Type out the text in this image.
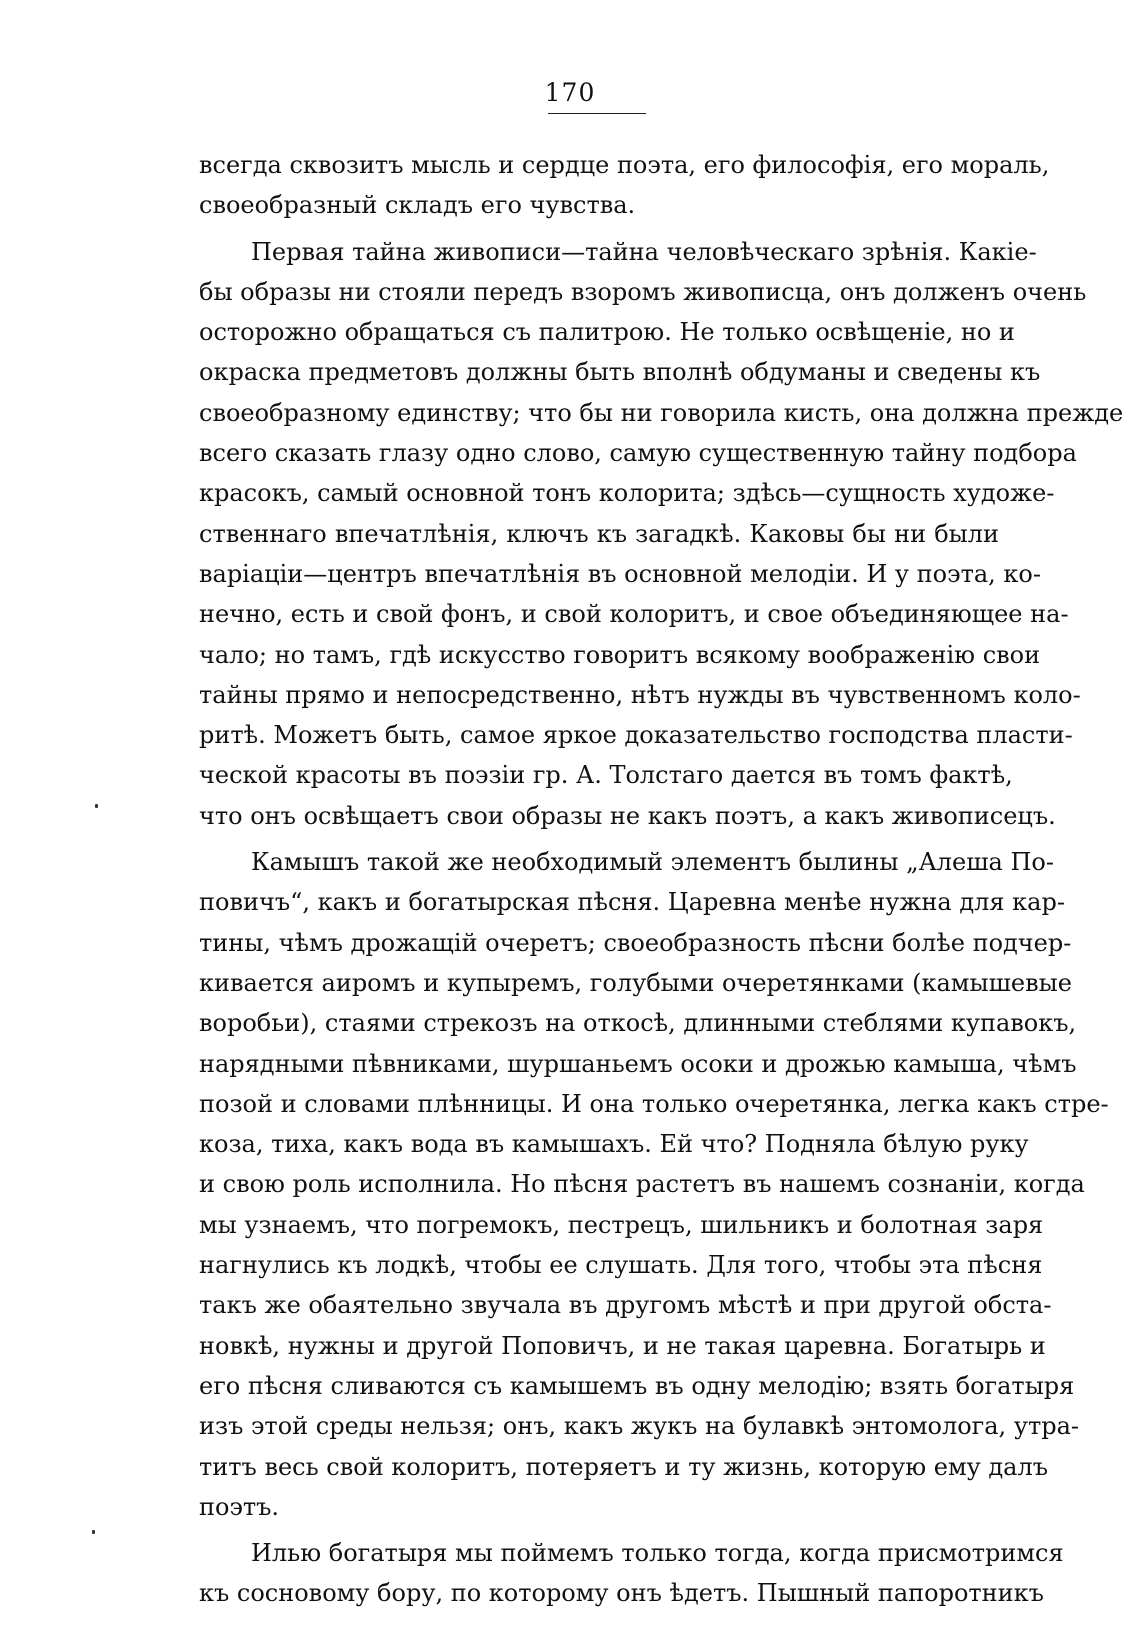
170
всегда сквозитъ мысль и сердце поэта, его философія, его мораль,
своеобразный складъ его чувства.
Первая тайна живописи—тайна человѣческаго зрѣнія. Какіе-
бы образы ни стояли передъ взоромъ живописца, онъ долженъ очень
осторожно обращаться съ палитрою. Не только освѣщеніе, но и
окраска предметовъ должны быть вполнѣ обдуманы и сведены къ
своеобразному единству; что бы ни говорила кисть, она должна прежде
всего сказать глазу одно слово, самую существенную тайну подбора
красокъ, самый основной тонъ колорита; здѣсь—сущность художе-
ственнаго впечатлѣнія, ключъ къ загадкѣ. Каковы бы ни были
варіаціи—центръ впечатлѣнія въ основной мелодіи. И у поэта, ко-
нечно, есть и свой фонъ, и свой колоритъ, и свое объединяющее на-
чало; но тамъ, гдѣ искусство говоритъ всякому воображенію свои
тайны прямо и непосредственно, нѣтъ нужды въ чувственномъ коло-
ритѣ. Можетъ быть, самое яркое доказательство господства пласти-
ческой красоты въ поэзіи гр. А. Толстаго дается въ томъ фактѣ,
что онъ освѣщаетъ свои образы не какъ поэтъ, а какъ живописецъ.
Камышъ такой же необходимый элементъ былины „Алеша По-
повичъ“, какъ и богатырская пѣсня. Царевна менѣе нужна для кар-
тины, чѣмъ дрожащій очеретъ; своеобразность пѣсни болѣе подчер-
кивается аиромъ и купыремъ, голубыми очеретянками (камышевые
воробьи), стаями стрекозъ на откосѣ, длинными стеблями купавокъ,
нарядными пѣвниками, шуршаньемъ осоки и дрожью камыша, чѣмъ
позой и словами плѣнницы. И она только очеретянка, легка какъ стре-
коза, тиха, какъ вода въ камышахъ. Ей что? Подняла бѣлую руку
и свою роль исполнила. Но пѣсня растетъ въ нашемъ сознаніи, когда
мы узнаемъ, что погремокъ, пестрецъ, шильникъ и болотная заря
нагнулись къ лодкѣ, чтобы ее слушать. Для того, чтобы эта пѣсня
такъ же обаятельно звучала въ другомъ мѣстѣ и при другой обста-
новкѣ, нужны и другой Поповичъ, и не такая царевна. Богатырь и
его пѣсня сливаются съ камышемъ въ одну мелодію; взять богатыря
изъ этой среды нельзя; онъ, какъ жукъ на булавкѣ энтомолога, утра-
титъ весь свой колоритъ, потеряетъ и ту жизнь, которую ему далъ
поэтъ.
Илью богатыря мы поймемъ только тогда, когда присмотримся
къ сосновому бору, по которому онъ ѣдетъ. Пышный папоротникъ
